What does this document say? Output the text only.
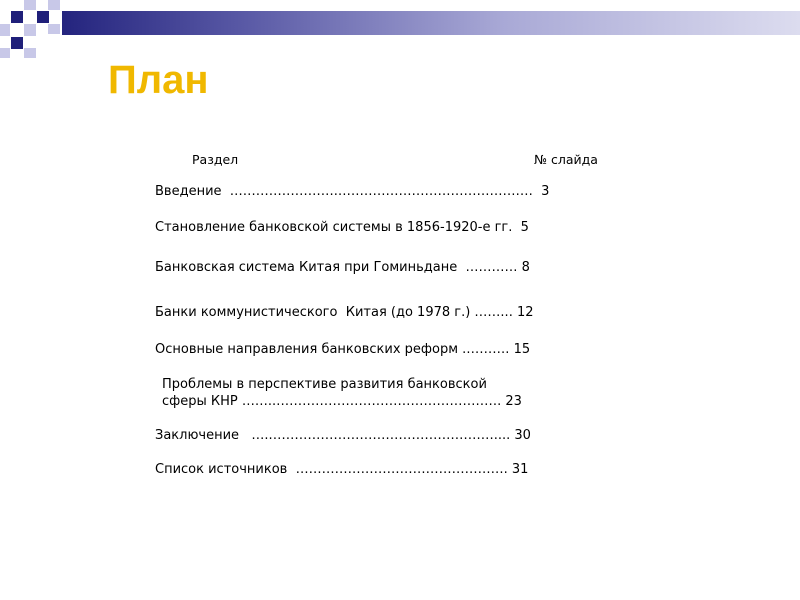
План
Раздел	№ слайда
Введение  …………………….………………………………………  3
Становление банковской системы в 1856-1920-е гг.  5
Банковская система Китая при Гоминьдане  ………… 8
Банки коммунистического  Китая (до 1978 г.) ……... 12
Основные направления банковских реформ .………. 15
Проблемы в перспективе развития банковской
сферы КНР ……..……………………………………………. 23
Заключение   …..…………………………………………….... 30
Список источников  …………………………………………. 31
